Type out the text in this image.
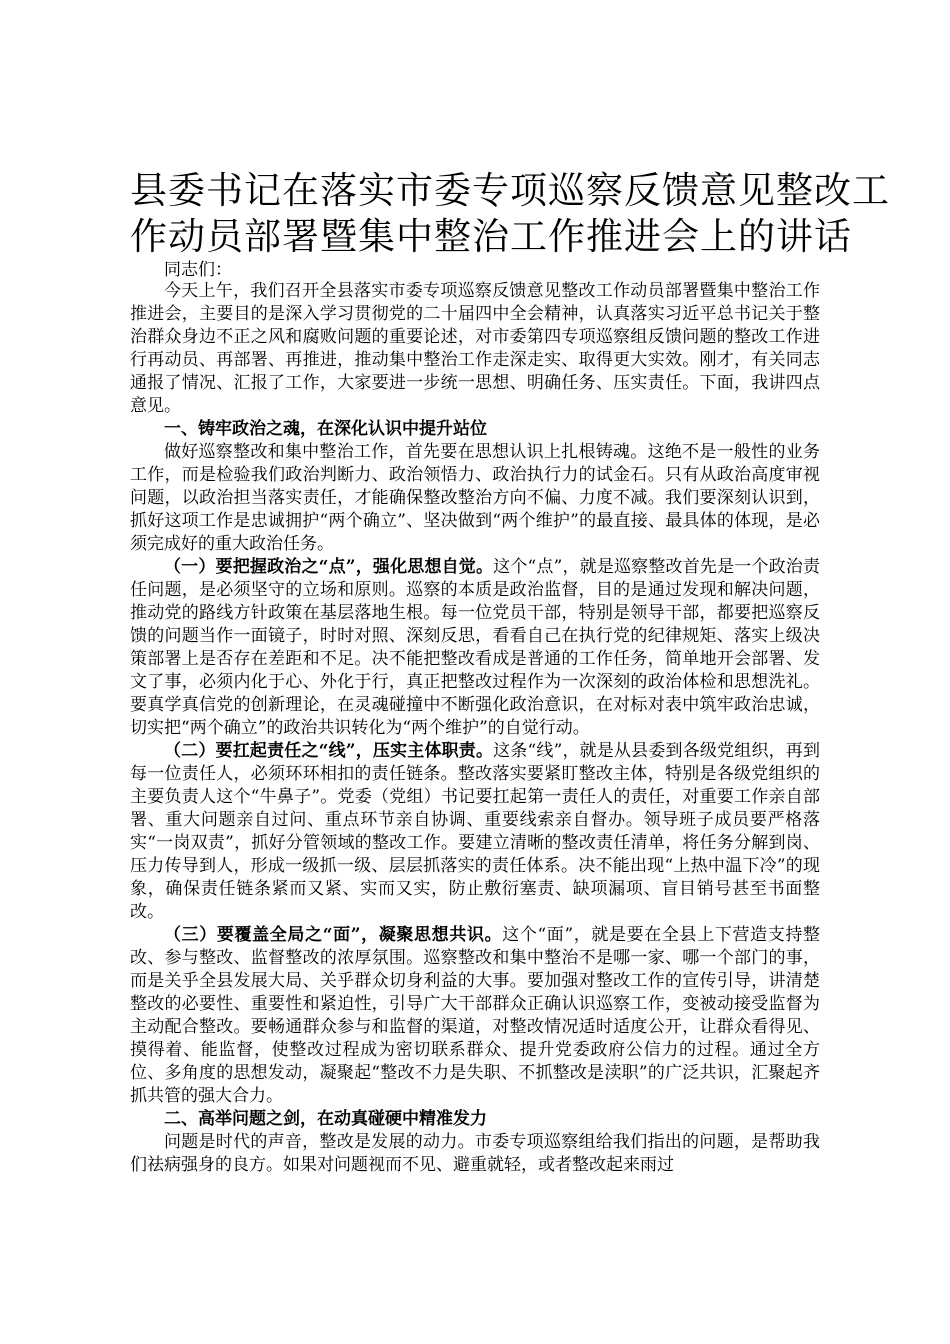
县委书记在落实市委专项巡察反馈意见整改工
作动员部署暨集中整治工作推进会上的讲话

同志们：

今天上午，我们召开全县落实市委专项巡察反馈意见整改工作动员部署暨集中整治工作推进会，主要目的是深入学习贯彻党的二十届四中全会精神，认真落实习近平总书记关于整治群众身边不正之风和腐败问题的重要论述，对市委第四专项巡察组反馈问题的整改工作进行再动员、再部署、再推进，推动集中整治工作走深走实、取得更大实效。刚才，有关同志通报了情况、汇报了工作，大家要进一步统一思想、明确任务、压实责任。下面，我讲四点意见。

一、铸牢政治之魂，在深化认识中提升站位

做好巡察整改和集中整治工作，首先要在思想认识上扎根铸魂。这绝不是一般性的业务工作，而是检验我们政治判断力、政治领悟力、政治执行力的试金石。只有从政治高度审视问题，以政治担当落实责任，才能确保整改整治方向不偏、力度不减。我们要深刻认识到，抓好这项工作是忠诚拥护“两个确立”、坚决做到“两个维护”的最直接、最具体的体现，是必须完成好的重大政治任务。

（一）要把握政治之“点”，强化思想自觉。这个“点”，就是巡察整改首先是一个政治责任问题，是必须坚守的立场和原则。巡察的本质是政治监督，目的是通过发现和解决问题，推动党的路线方针政策在基层落地生根。每一位党员干部，特别是领导干部，都要把巡察反馈的问题当作一面镜子，时时对照、深刻反思，看看自己在执行党的纪律规矩、落实上级决策部署上是否存在差距和不足。决不能把整改看成是普通的工作任务，简单地开会部署、发文了事，必须内化于心、外化于行，真正把整改过程作为一次深刻的政治体检和思想洗礼。要真学真信党的创新理论，在灵魂碰撞中不断强化政治意识，在对标对表中筑牢政治忠诚，切实把“两个确立”的政治共识转化为“两个维护”的自觉行动。

（二）要扛起责任之“线”，压实主体职责。这条“线”，就是从县委到各级党组织，再到每一位责任人，必须环环相扣的责任链条。整改落实要紧盯整改主体，特别是各级党组织的主要负责人这个“牛鼻子”。党委（党组）书记要扛起第一责任人的责任，对重要工作亲自部署、重大问题亲自过问、重点环节亲自协调、重要线索亲自督办。领导班子成员要严格落实“一岗双责”，抓好分管领域的整改工作。要建立清晰的整改责任清单，将任务分解到岗、压力传导到人，形成一级抓一级、层层抓落实的责任体系。决不能出现“上热中温下冷”的现象，确保责任链条紧而又紧、实而又实，防止敷衍塞责、缺项漏项、盲目销号甚至书面整改。

（三）要覆盖全局之“面”，凝聚思想共识。这个“面”，就是要在全县上下营造支持整改、参与整改、监督整改的浓厚氛围。巡察整改和集中整治不是哪一家、哪一个部门的事，而是关乎全县发展大局、关乎群众切身利益的大事。要加强对整改工作的宣传引导，讲清楚整改的必要性、重要性和紧迫性，引导广大干部群众正确认识巡察工作，变被动接受监督为主动配合整改。要畅通群众参与和监督的渠道，对整改情况适时适度公开，让群众看得见、摸得着、能监督，使整改过程成为密切联系群众、提升党委政府公信力的过程。通过全方位、多角度的思想发动，凝聚起“整改不力是失职、不抓整改是渎职”的广泛共识，汇聚起齐抓共管的强大合力。

二、高举问题之剑，在动真碰硬中精准发力

问题是时代的声音，整改是发展的动力。市委专项巡察组给我们指出的问题，是帮助我们祛病强身的良方。如果对问题视而不见、避重就轻，或者整改起来雨过
